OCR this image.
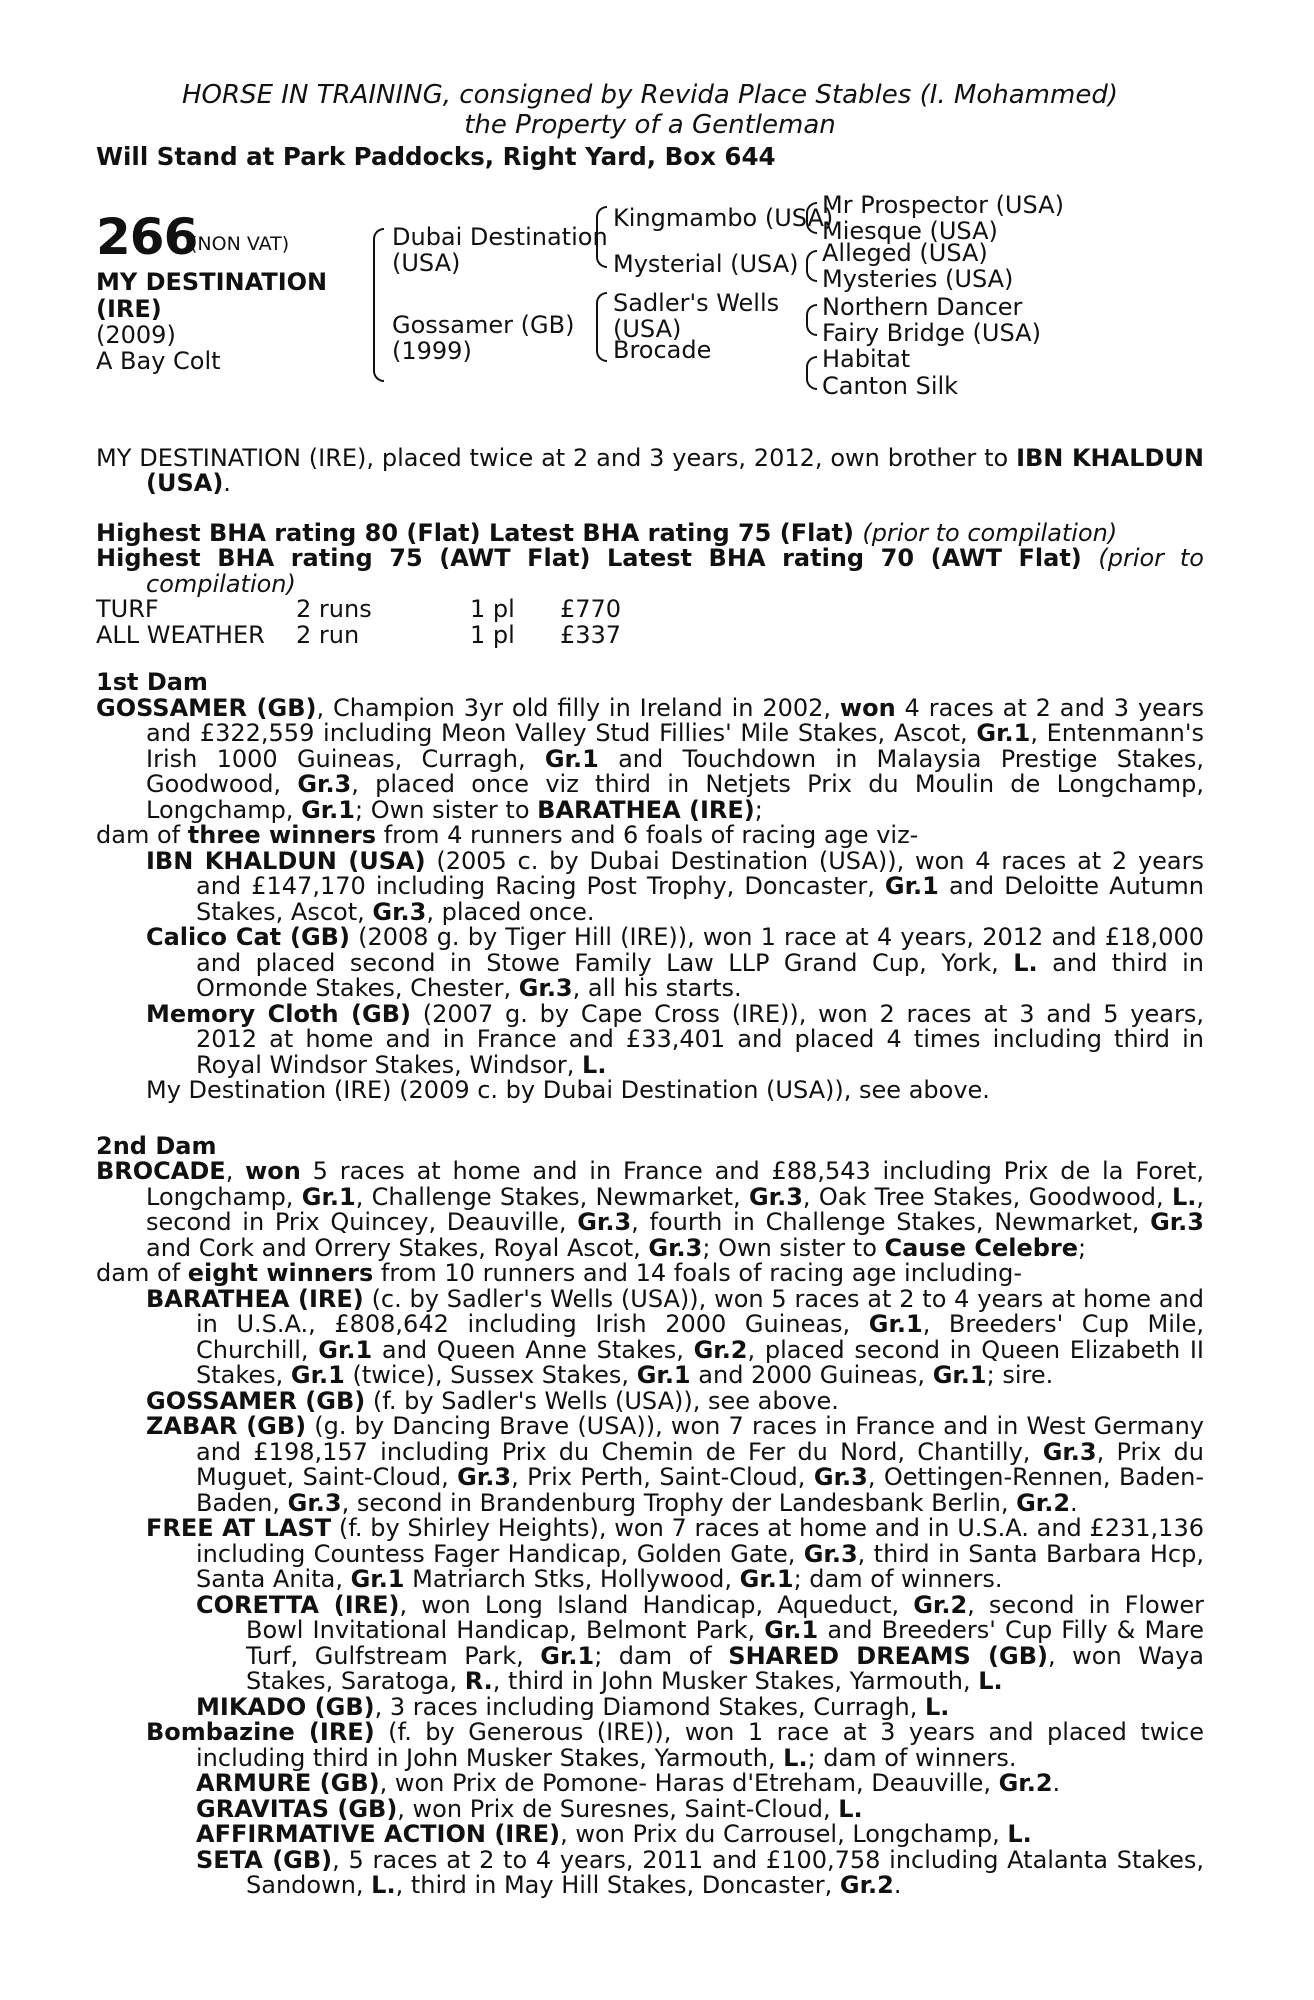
HORSE IN TRAINING, consigned by Revida Place Stables (I. Mohammed)
the Property of a Gentleman
Will Stand at Park Paddocks, Right Yard, Box 644
266
(NON VAT)
MY DESTINATION
(IRE)
(2009)
A Bay Colt
Dubai Destination
(USA)
Gossamer (GB)
(1999)
Kingmambo (USA)
Mysterial (USA)
Sadler's Wells
(USA)
Brocade
Mr Prospector (USA)
Miesque (USA)
Alleged (USA)
Mysteries (USA)
Northern Dancer
Fairy Bridge (USA)
Habitat
Canton Silk

MY DESTINATION (IRE), placed twice at 2 and 3 years, 2012, own brother to IBN KHALDUN (USA).

Highest BHA rating 80 (Flat) Latest BHA rating 75 (Flat) (prior to compilation)
Highest BHA rating 75 (AWT Flat) Latest BHA rating 70 (AWT Flat) (prior to compilation)
TURF	2 runs	1 pl	£770
ALL WEATHER	2 run	1 pl	£337
1st Dam

GOSSAMER (GB), Champion 3yr old filly in Ireland in 2002, won 4 races at 2 and 3 years and £322,559 including Meon Valley Stud Fillies' Mile Stakes, Ascot, Gr.1, Entenmann's Irish 1000 Guineas, Curragh, Gr.1 and Touchdown in Malaysia Prestige Stakes, Goodwood, Gr.3, placed once viz third in Netjets Prix du Moulin de Longchamp, Longchamp, Gr.1; Own sister to BARATHEA (IRE);

dam of three winners from 4 runners and 6 foals of racing age viz-

IBN KHALDUN (USA) (2005 c. by Dubai Destination (USA)), won 4 races at 2 years and £147,170 including Racing Post Trophy, Doncaster, Gr.1 and Deloitte Autumn Stakes, Ascot, Gr.3, placed once.

Calico Cat (GB) (2008 g. by Tiger Hill (IRE)), won 1 race at 4 years, 2012 and £18,000 and placed second in Stowe Family Law LLP Grand Cup, York, L. and third in Ormonde Stakes, Chester, Gr.3, all his starts.

Memory Cloth (GB) (2007 g. by Cape Cross (IRE)), won 2 races at 3 and 5 years, 2012 at home and in France and £33,401 and placed 4 times including third in Royal Windsor Stakes, Windsor, L.

My Destination (IRE) (2009 c. by Dubai Destination (USA)), see above.

2nd Dam

BROCADE, won 5 races at home and in France and £88,543 including Prix de la Foret, Longchamp, Gr.1, Challenge Stakes, Newmarket, Gr.3, Oak Tree Stakes, Goodwood, L., second in Prix Quincey, Deauville, Gr.3, fourth in Challenge Stakes, Newmarket, Gr.3 and Cork and Orrery Stakes, Royal Ascot, Gr.3; Own sister to Cause Celebre;

dam of eight winners from 10 runners and 14 foals of racing age including-

BARATHEA (IRE) (c. by Sadler's Wells (USA)), won 5 races at 2 to 4 years at home and in U.S.A., £808,642 including Irish 2000 Guineas, Gr.1, Breeders' Cup Mile, Churchill, Gr.1 and Queen Anne Stakes, Gr.2, placed second in Queen Elizabeth II Stakes, Gr.1 (twice), Sussex Stakes, Gr.1 and 2000 Guineas, Gr.1; sire.

GOSSAMER (GB) (f. by Sadler's Wells (USA)), see above.

ZABAR (GB) (g. by Dancing Brave (USA)), won 7 races in France and in West Germany and £198,157 including Prix du Chemin de Fer du Nord, Chantilly, Gr.3, Prix du Muguet, Saint-Cloud, Gr.3, Prix Perth, Saint-Cloud, Gr.3, Oettingen-Rennen, Baden-Baden, Gr.3, second in Brandenburg Trophy der Landesbank Berlin, Gr.2.

FREE AT LAST (f. by Shirley Heights), won 7 races at home and in U.S.A. and £231,136 including Countess Fager Handicap, Golden Gate, Gr.3, third in Santa Barbara Hcp, Santa Anita, Gr.1 Matriarch Stks, Hollywood, Gr.1; dam of winners.

CORETTA (IRE), won Long Island Handicap, Aqueduct, Gr.2, second in Flower Bowl Invitational Handicap, Belmont Park, Gr.1 and Breeders' Cup Filly & Mare Turf, Gulfstream Park, Gr.1; dam of SHARED DREAMS (GB), won Waya Stakes, Saratoga, R., third in John Musker Stakes, Yarmouth, L.

MIKADO (GB), 3 races including Diamond Stakes, Curragh, L.

Bombazine (IRE) (f. by Generous (IRE)), won 1 race at 3 years and placed twice including third in John Musker Stakes, Yarmouth, L.; dam of winners.

ARMURE (GB), won Prix de Pomone- Haras d'Etreham, Deauville, Gr.2.

GRAVITAS (GB), won Prix de Suresnes, Saint-Cloud, L.

AFFIRMATIVE ACTION (IRE), won Prix du Carrousel, Longchamp, L.

SETA (GB), 5 races at 2 to 4 years, 2011 and £100,758 including Atalanta Stakes, Sandown, L., third in May Hill Stakes, Doncaster, Gr.2.
